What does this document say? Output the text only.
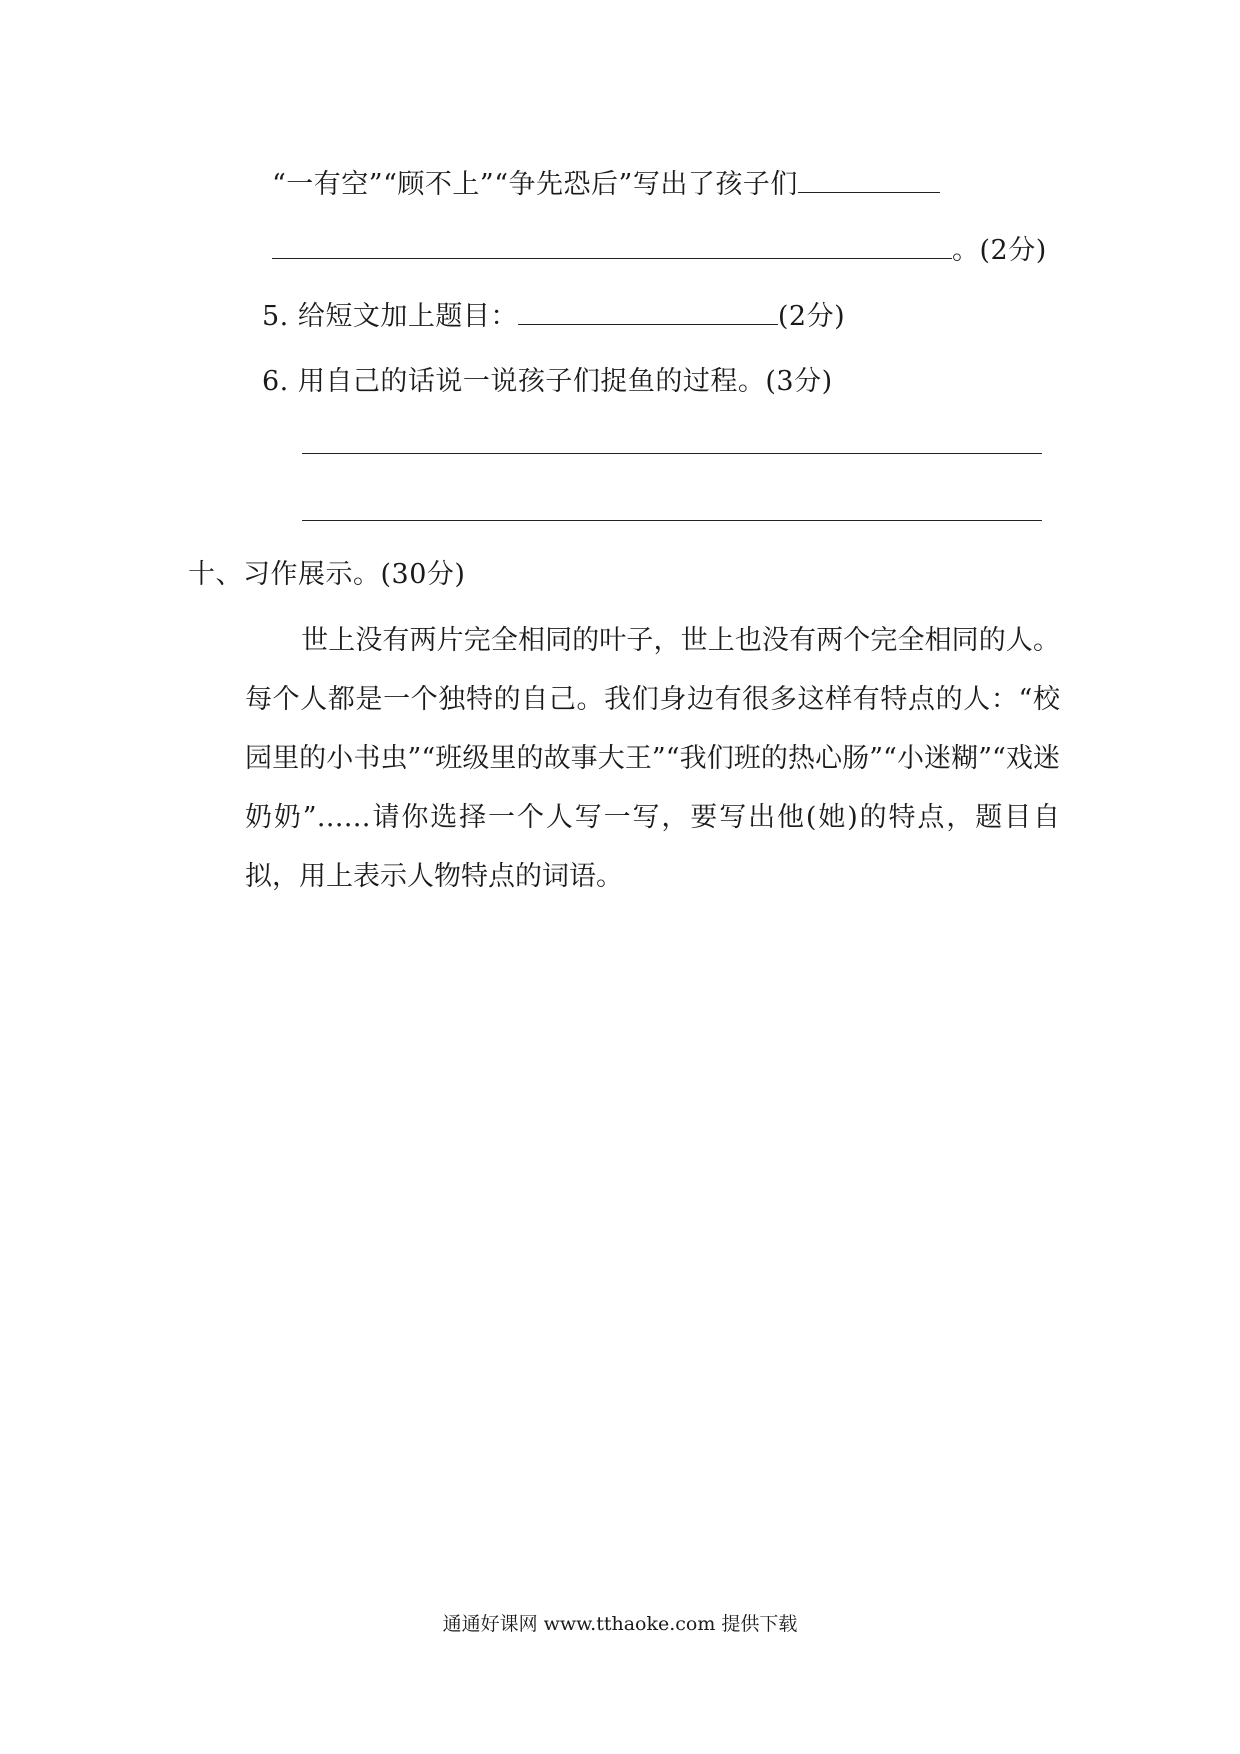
“一有空”“顾不上”“争先恐后”写出了孩子们
。(2分)
5. 给短文加上题目：	(2分)
6. 用自己的话说一说孩子们捉鱼的过程。(3分)
十、习作展示。(30分)
世上没有两片完全相同的叶子，世上也没有两个完全相同的人。每个人都是一个独特的自己。我们身边有很多这样有特点的人：“校园里的小书虫”“班级里的故事大王”“我们班的热心肠”“小迷糊”“戏迷奶奶”……请你选择一个人写一写，要写出他(她)的特点，题目自拟，用上表示人物特点的词语。
通通好课网 www.tthaoke.com 提供下载
